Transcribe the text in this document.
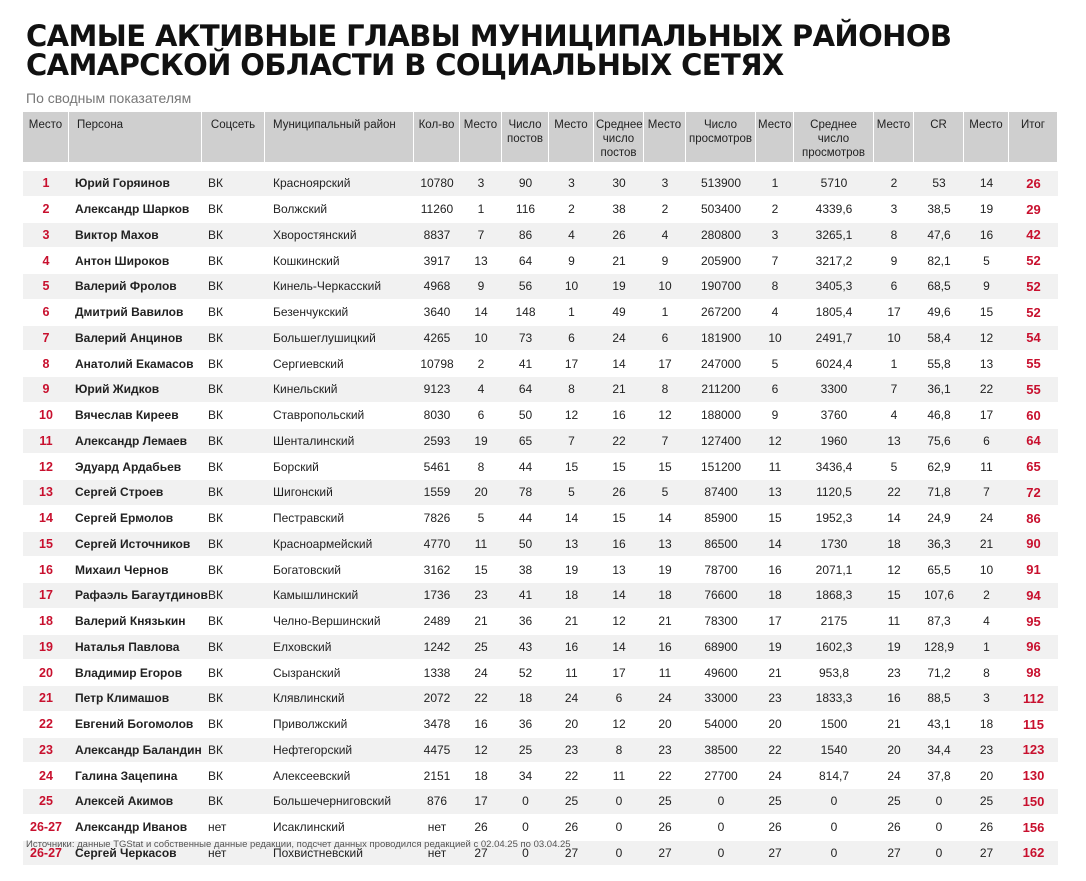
САМЫЕ АКТИВНЫЕ ГЛАВЫ МУНИЦИПАЛЬНЫХ РАЙОНОВ
САМАРСКОЙ ОБЛАСТИ В СОЦИАЛЬНЫХ СЕТЯХ
По сводным показателям
Место	Персона	Соцсеть	Муниципальный район	Кол-во	Место	Число постов	Место	Среднее число постов	Место	Число просмотров	Место	Среднее число просмотров	Место	CR	Место	Итог

1	Юрий Горяинов	ВК	Красноярский	10780	3	90	3	30	3	513900	1	5710	2	53	14	26
2	Александр Шарков	ВК	Волжский	11260	1	116	2	38	2	503400	2	4339,6	3	38,5	19	29
3	Виктор Махов	ВК	Хворостянский	8837	7	86	4	26	4	280800	3	3265,1	8	47,6	16	42
4	Антон Широков	ВК	Кошкинский	3917	13	64	9	21	9	205900	7	3217,2	9	82,1	5	52
5	Валерий Фролов	ВК	Кинель-Черкасский	4968	9	56	10	19	10	190700	8	3405,3	6	68,5	9	52
6	Дмитрий Вавилов	ВК	Безенчукский	3640	14	148	1	49	1	267200	4	1805,4	17	49,6	15	52
7	Валерий Анцинов	ВК	Большеглушицкий	4265	10	73	6	24	6	181900	10	2491,7	10	58,4	12	54
8	Анатолий Екамасов	ВК	Сергиевский	10798	2	41	17	14	17	247000	5	6024,4	1	55,8	13	55
9	Юрий Жидков	ВК	Кинельский	9123	4	64	8	21	8	211200	6	3300	7	36,1	22	55
10	Вячеслав Киреев	ВК	Ставропольский	8030	6	50	12	16	12	188000	9	3760	4	46,8	17	60
11	Александр Лемаев	ВК	Шенталинский	2593	19	65	7	22	7	127400	12	1960	13	75,6	6	64
12	Эдуард Ардабьев	ВК	Борский	5461	8	44	15	15	15	151200	11	3436,4	5	62,9	11	65
13	Сергей Строев	ВК	Шигонский	1559	20	78	5	26	5	87400	13	1120,5	22	71,8	7	72
14	Сергей Ермолов	ВК	Пестравский	7826	5	44	14	15	14	85900	15	1952,3	14	24,9	24	86
15	Сергей Источников	ВК	Красноармейский	4770	11	50	13	16	13	86500	14	1730	18	36,3	21	90
16	Михаил Чернов	ВК	Богатовский	3162	15	38	19	13	19	78700	16	2071,1	12	65,5	10	91
17	Рафаэль Багаутдинов	ВК	Камышлинский	1736	23	41	18	14	18	76600	18	1868,3	15	107,6	2	94
18	Валерий Князькин	ВК	Челно-Вершинский	2489	21	36	21	12	21	78300	17	2175	11	87,3	4	95
19	Наталья Павлова	ВК	Елховский	1242	25	43	16	14	16	68900	19	1602,3	19	128,9	1	96
20	Владимир Егоров	ВК	Сызранский	1338	24	52	11	17	11	49600	21	953,8	23	71,2	8	98
21	Петр Климашов	ВК	Клявлинский	2072	22	18	24	6	24	33000	23	1833,3	16	88,5	3	112
22	Евгений Богомолов	ВК	Приволжский	3478	16	36	20	12	20	54000	20	1500	21	43,1	18	115
23	Александр Баландин	ВК	Нефтегорский	4475	12	25	23	8	23	38500	22	1540	20	34,4	23	123
24	Галина Зацепина	ВК	Алексеевский	2151	18	34	22	11	22	27700	24	814,7	24	37,8	20	130
25	Алексей Акимов	ВК	Большечерниговский	876	17	0	25	0	25	0	25	0	25	0	25	150
26-27	Александр Иванов	нет	Исаклинский	нет	26	0	26	0	26	0	26	0	26	0	26	156
26-27	Сергей Черкасов	нет	Похвистневский	нет	27	0	27	0	27	0	27	0	27	0	27	162
Источники: данные TGStat и собственные данные редакции, подсчет данных проводился редакцией с 02.04.25 по 03.04.25
